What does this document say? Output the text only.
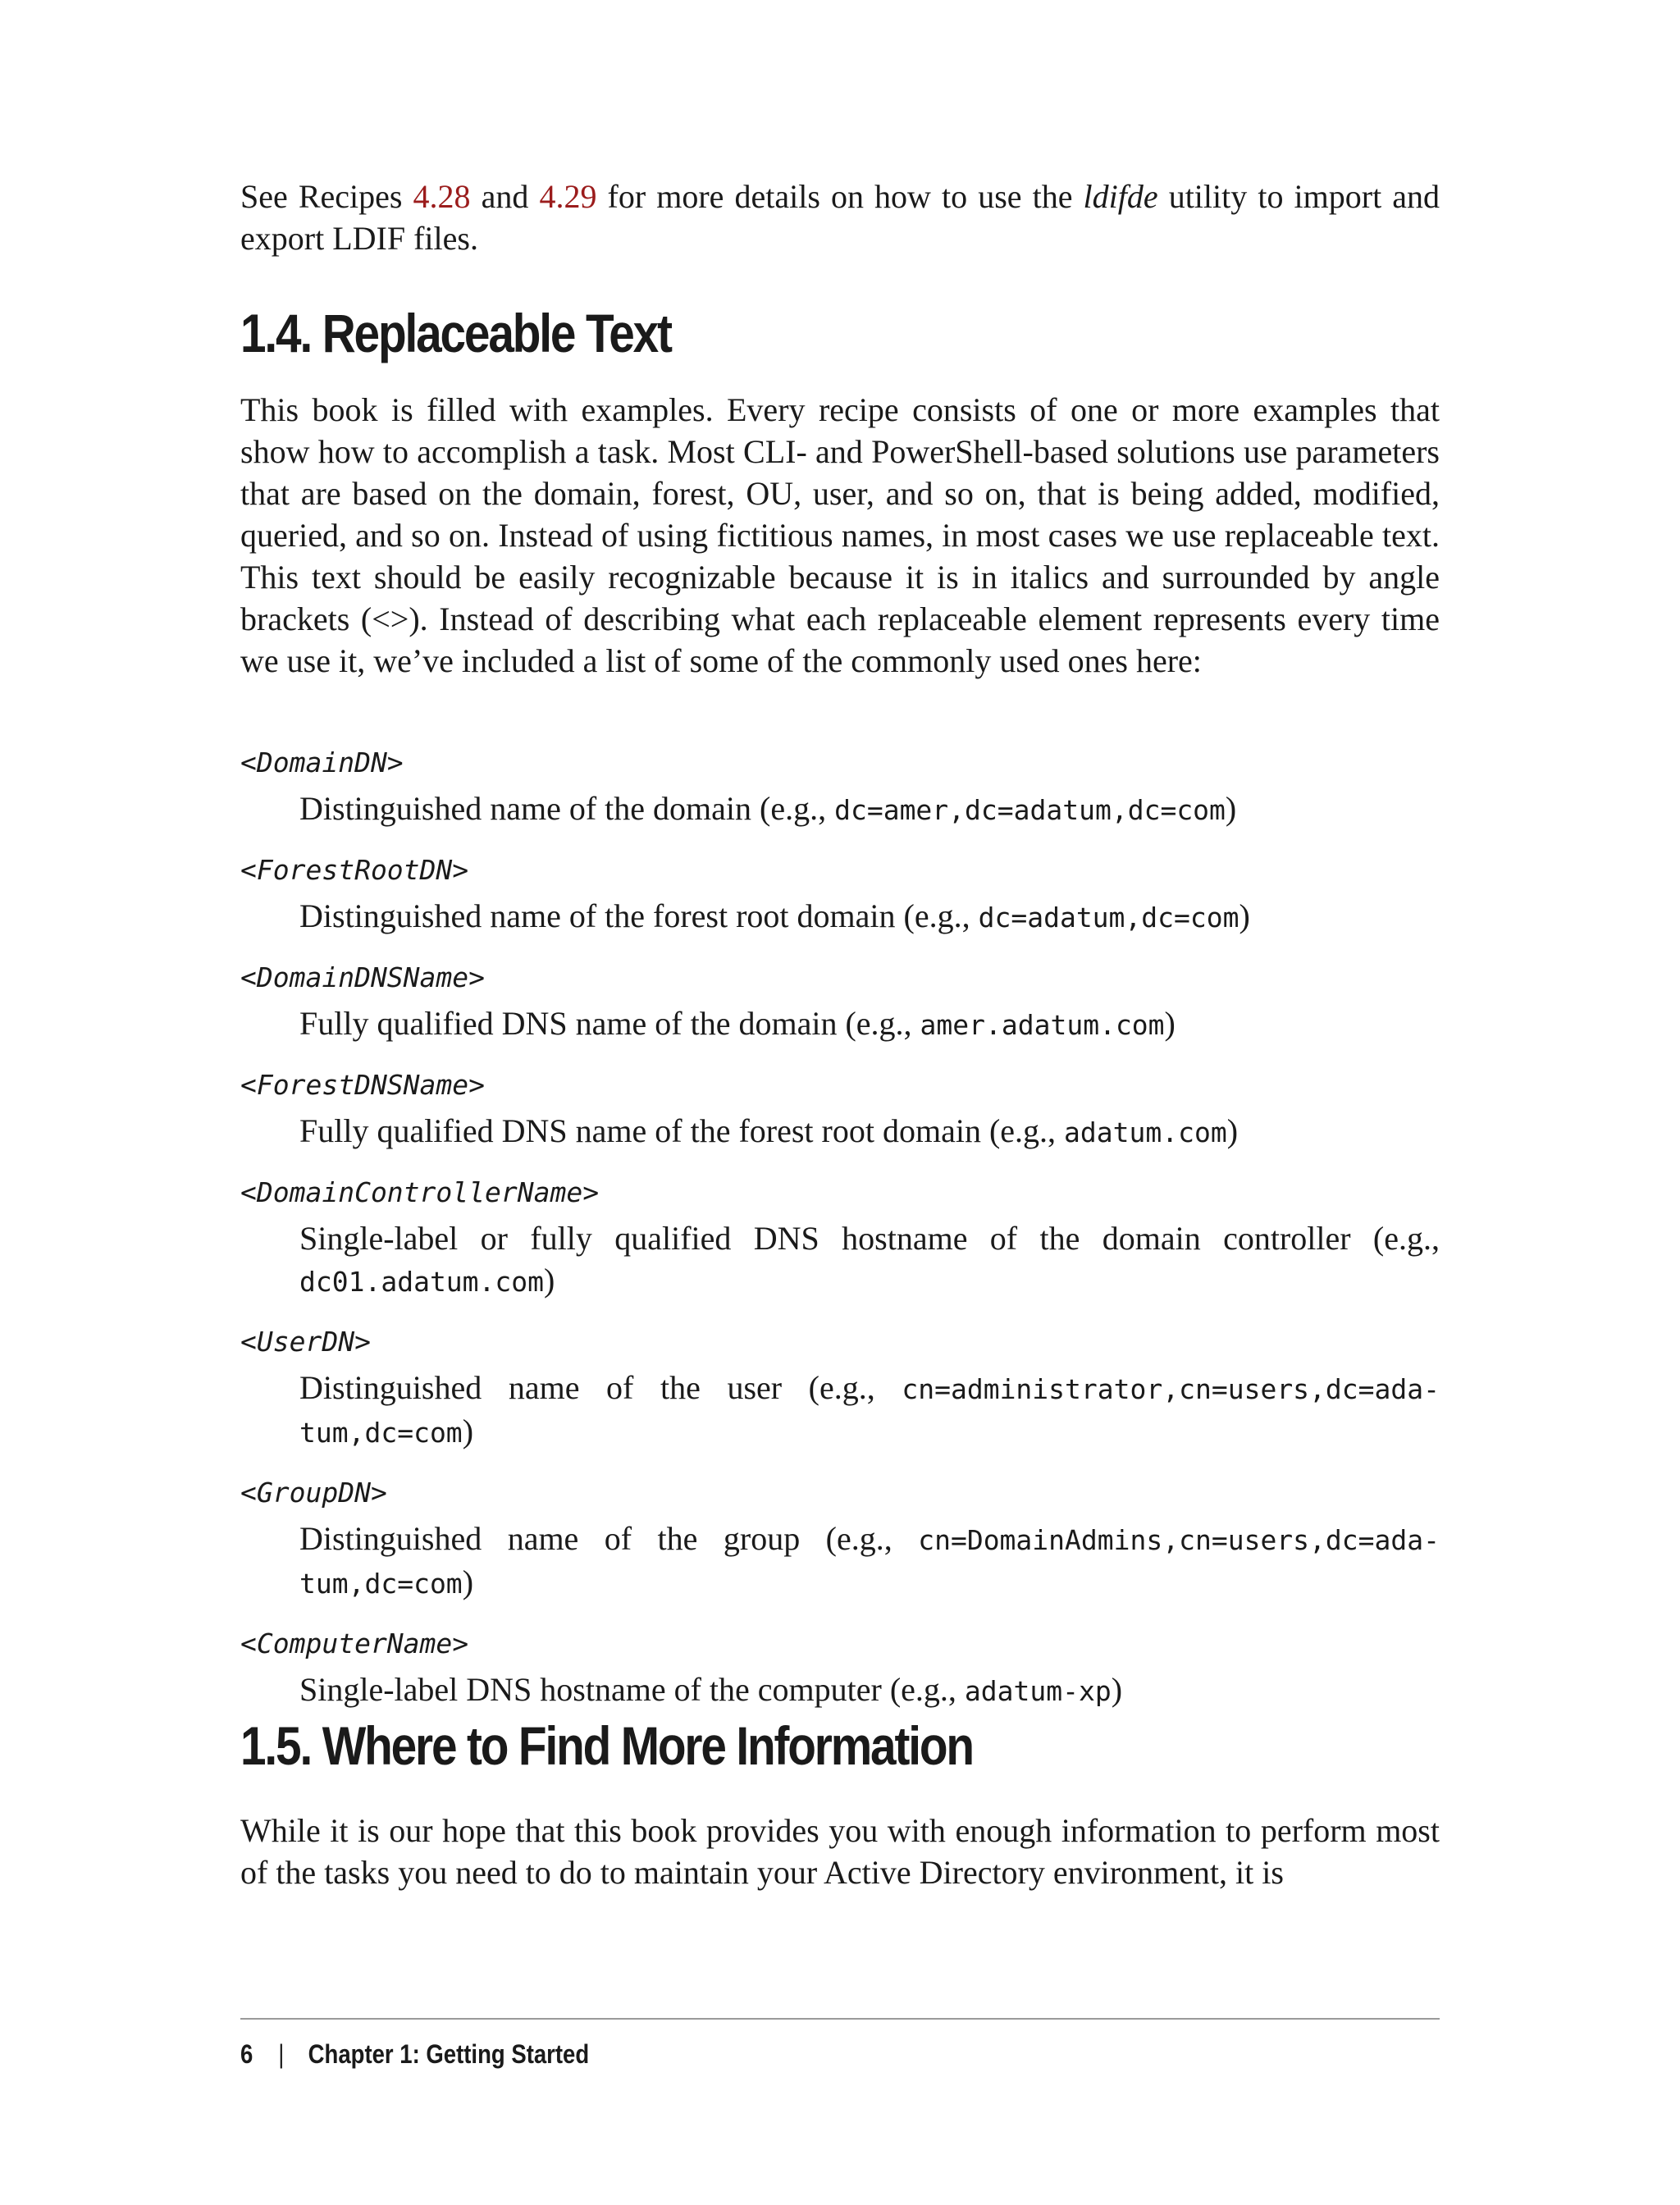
See Recipes 4.28 and 4.29 for more details on how to use the ldifde utility to import and export LDIF files.

1.4. Replaceable Text

This book is filled with examples. Every recipe consists of one or more examples that show how to accomplish a task. Most CLI- and PowerShell-based solutions use parameters that are based on the domain, forest, OU, user, and so on, that is being added, modified, queried, and so on. Instead of using fictitious names, in most cases we use replaceable text. This text should be easily recognizable because it is in italics and surrounded by angle brackets (<>). Instead of describing what each replaceable element represents every time we use it, we’ve included a list of some of the commonly used ones here:

<DomainDN>

Distinguished name of the domain (e.g., dc=amer,dc=adatum,dc=com)

<ForestRootDN>

Distinguished name of the forest root domain (e.g., dc=adatum,dc=com)

<DomainDNSName>

Fully qualified DNS name of the domain (e.g., amer.adatum.com)

<ForestDNSName>

Fully qualified DNS name of the forest root domain (e.g., adatum.com)

<DomainControllerName>

Single-label or fully qualified DNS hostname of the domain controller (e.g., dc01.adatum.com)

<UserDN>

Distinguished name of the user (e.g., cn=administrator,cn=users,dc=adatum,dc=com)

<GroupDN>

Distinguished name of the group (e.g., cn=DomainAdmins,cn=users,dc=adatum,dc=com)

<ComputerName>

Single-label DNS hostname of the computer (e.g., adatum-xp)

1.5. Where to Find More Information

While it is our hope that this book provides you with enough information to perform most of the tasks you need to do to maintain your Active Directory environment, it is

6 | Chapter 1: Getting Started
